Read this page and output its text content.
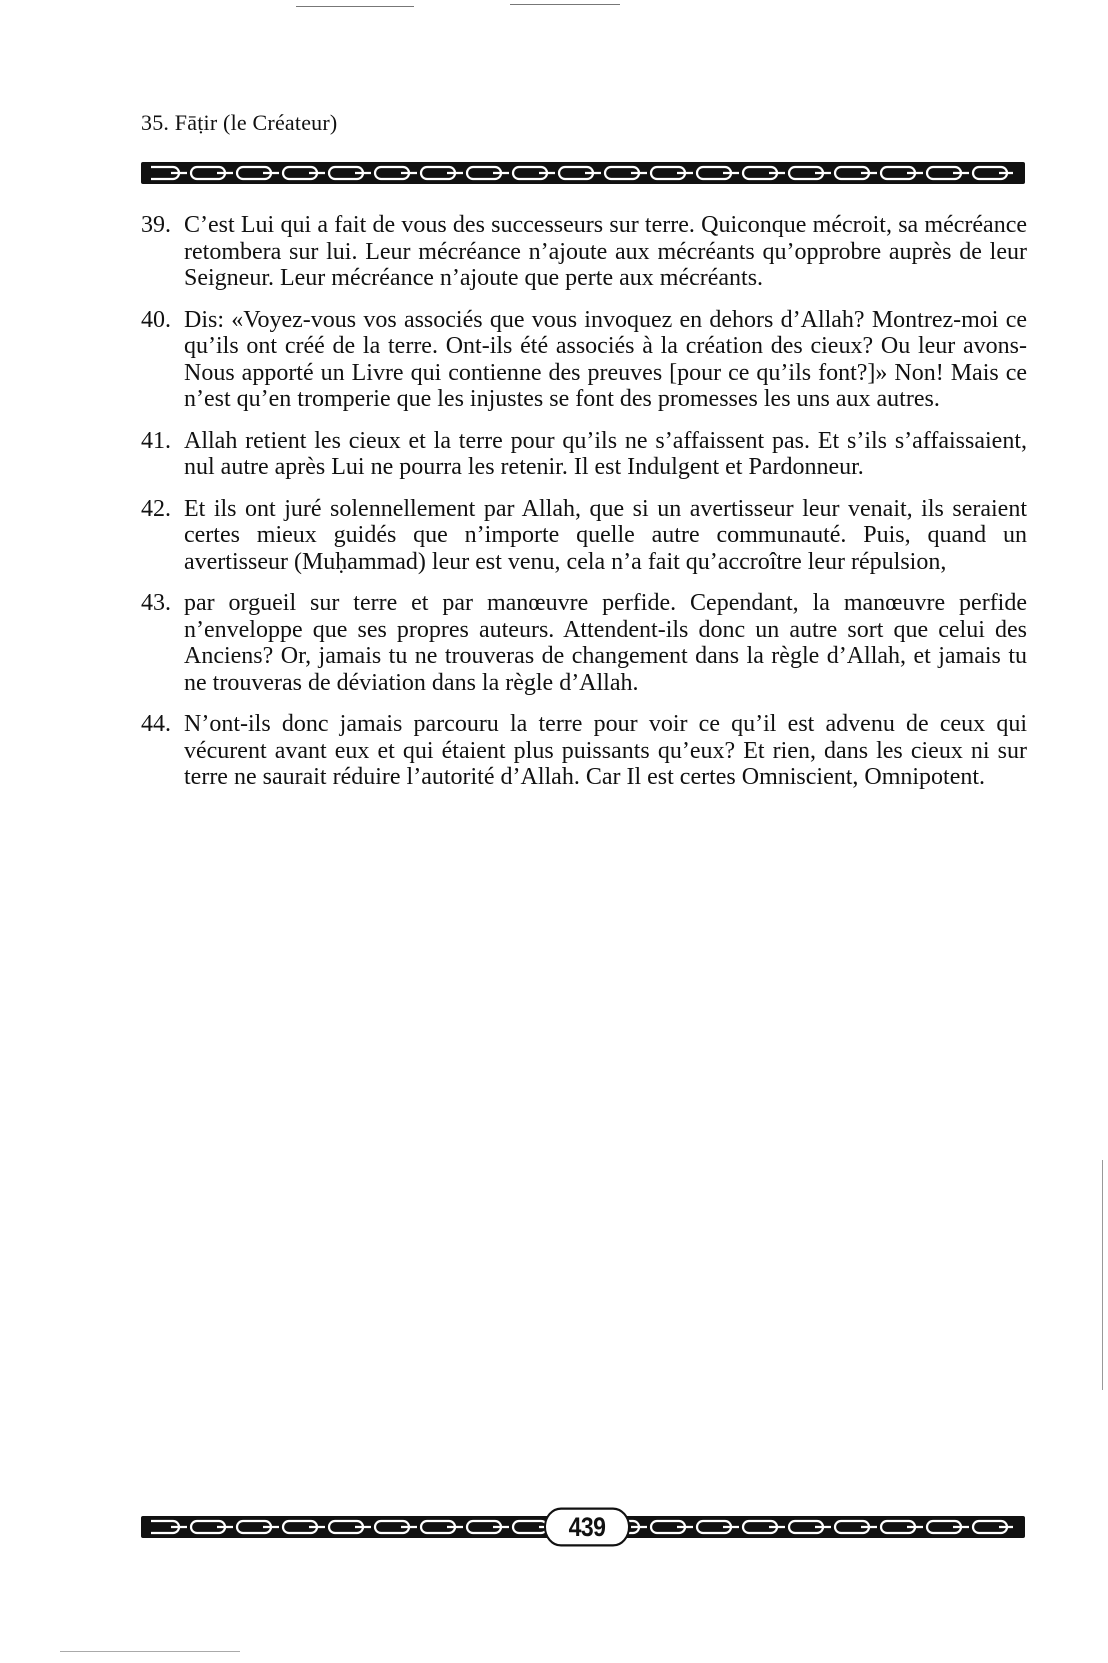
35. Fāṭir (le Créateur)
39. C’est Lui qui a fait de vous des successeurs sur terre. Quiconque mécroit, sa mécréance retombera sur lui. Leur mécréance n’ajoute aux mécréants qu’opprobre auprès de leur Seigneur. Leur mécréance n’ajoute que perte aux mécréants.
40. Dis: «Voyez-vous vos associés que vous invoquez en dehors d’Allah? Montrez-moi ce qu’ils ont créé de la terre. Ont-ils été associés à la création des cieux? Ou leur avons-Nous apporté un Livre qui contienne des preuves [pour ce qu’ils font?]» Non! Mais ce n’est qu’en tromperie que les injustes se font des promesses les uns aux autres.
41. Allah retient les cieux et la terre pour qu’ils ne s’affaissent pas. Et s’ils s’affaissaient, nul autre après Lui ne pourra les retenir. Il est Indulgent et Pardonneur.
42. Et ils ont juré solennellement par Allah, que si un avertisseur leur venait, ils seraient certes mieux guidés que n’importe quelle autre communauté. Puis, quand un avertisseur (Muḥammad) leur est venu, cela n’a fait qu’accroître leur répulsion,
43. par orgueil sur terre et par manœuvre perfide. Cependant, la manœuvre perfide n’enveloppe que ses propres auteurs. Attendent-ils donc un autre sort que celui des Anciens? Or, jamais tu ne trouveras de changement dans la règle d’Allah, et jamais tu ne trouveras de déviation dans la règle d’Allah.
44. N’ont-ils donc jamais parcouru la terre pour voir ce qu’il est advenu de ceux qui vécurent avant eux et qui étaient plus puissants qu’eux? Et rien, dans les cieux ni sur terre ne saurait réduire l’autorité d’Allah. Car Il est certes Omniscient, Omnipotent.
439
